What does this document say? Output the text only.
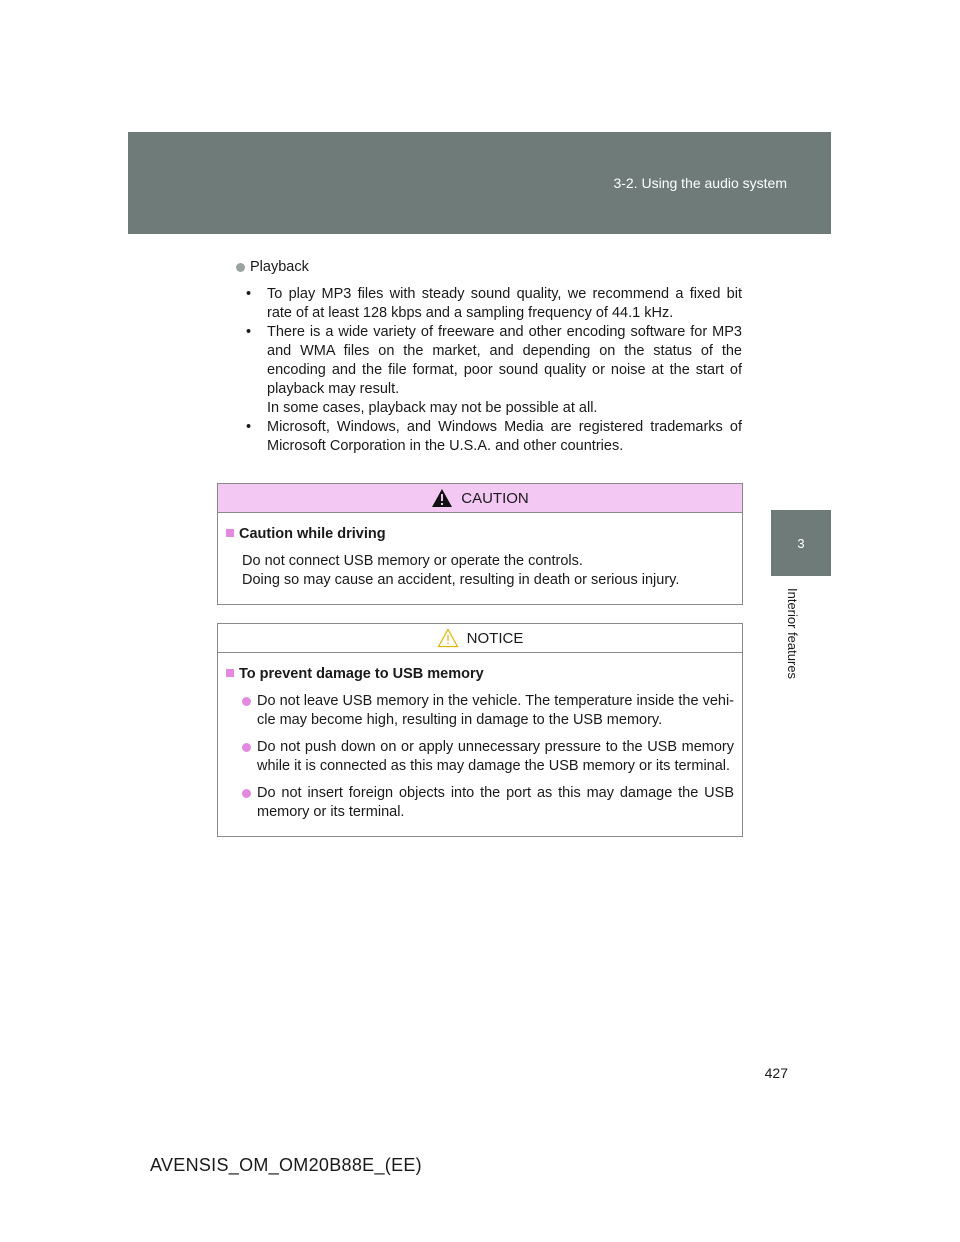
3-2. Using the audio system
3
Interior features
Playback
• To play MP3 files with steady sound quality, we recommend a fixed bit rate of at least 128 kbps and a sampling frequency of 44.1 kHz.
• There is a wide variety of freeware and other encoding software for MP3 and WMA files on the market, and depending on the status of the encoding and the file format, poor sound quality or noise at the start of playback may result.
In some cases, playback may not be possible at all.
• Microsoft, Windows, and Windows Media are registered trademarks of Microsoft Corporation in the U.S.A. and other countries.
CAUTION
Caution while driving
Do not connect USB memory or operate the controls.
Doing so may cause an accident, resulting in death or serious injury.
NOTICE
To prevent damage to USB memory
Do not leave USB memory in the vehicle. The temperature inside the vehi-cle may become high, resulting in damage to the USB memory.
Do not push down on or apply unnecessary pressure to the USB memory while it is connected as this may damage the USB memory or its terminal.
Do not insert foreign objects into the port as this may damage the USB memory or its terminal.
427
AVENSIS_OM_OM20B88E_(EE)
